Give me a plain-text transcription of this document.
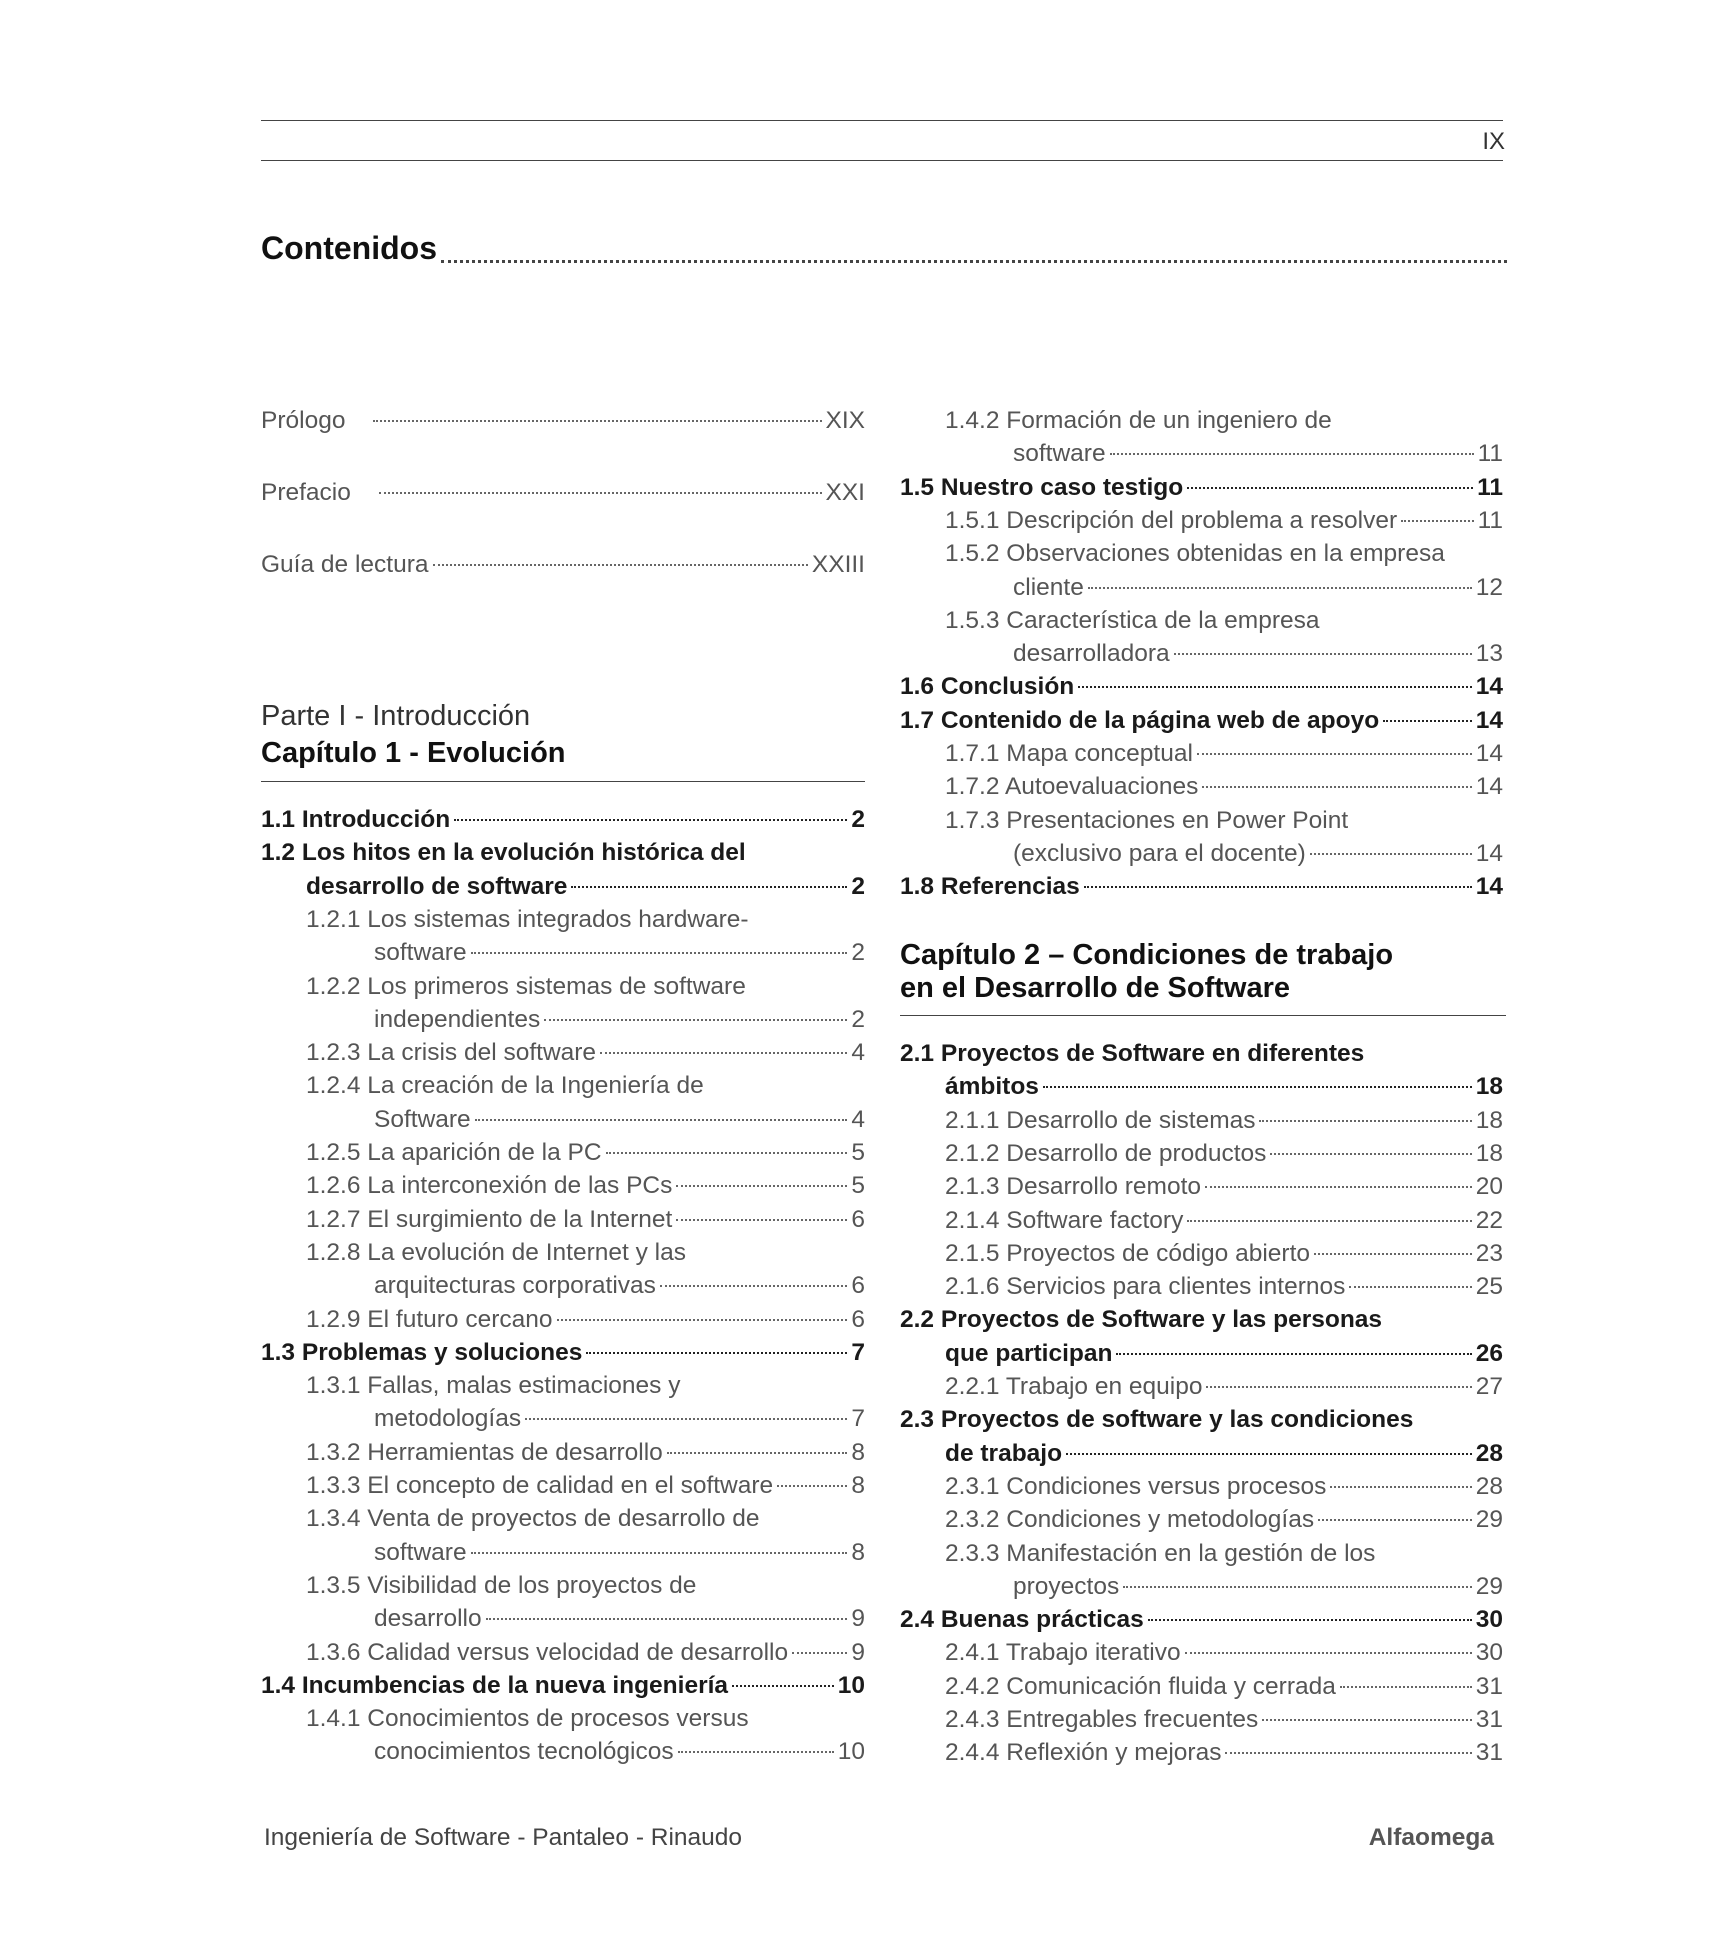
IX
Contenidos
Prólogo	XIX
Prefacio	XXI
Guía de lectura	XXIII
Parte I - Introducción
Capítulo 1 - Evolución
1.1 Introducción	2
1.2 Los hitos en la evolución histórica del
desarrollo de software	2
1.2.1 Los sistemas integrados hardware-
software	2
1.2.2 Los primeros sistemas de software
independientes	2
1.2.3 La crisis del software	4
1.2.4 La creación de la Ingeniería de
Software	4
1.2.5 La aparición de la PC	5
1.2.6 La interconexión de las PCs	5
1.2.7 El surgimiento de la Internet	6
1.2.8 La evolución de Internet y las
arquitecturas corporativas	6
1.2.9 El futuro cercano	6
1.3 Problemas y soluciones	7
1.3.1 Fallas, malas estimaciones y
metodologías	7
1.3.2 Herramientas de desarrollo	8
1.3.3 El concepto de calidad en el software	8
1.3.4 Venta de proyectos de desarrollo de
software	8
1.3.5 Visibilidad de los proyectos de
desarrollo	9
1.3.6 Calidad versus velocidad de desarrollo	9
1.4 Incumbencias de la nueva ingeniería	10
1.4.1 Conocimientos de procesos versus
conocimientos tecnológicos	10
1.4.2 Formación de un ingeniero de
software	11
1.5 Nuestro caso testigo	11
1.5.1 Descripción del problema a resolver	11
1.5.2 Observaciones obtenidas en la empresa
cliente	12
1.5.3 Característica de la empresa
desarrolladora	13
1.6 Conclusión	14
1.7 Contenido de la página web de apoyo	14
1.7.1 Mapa conceptual	14
1.7.2 Autoevaluaciones	14
1.7.3 Presentaciones en Power Point
(exclusivo para el docente)	14
1.8 Referencias	14
Capítulo 2 – Condiciones de trabajo
en el Desarrollo de Software
2.1 Proyectos de Software en diferentes
ámbitos	18
2.1.1 Desarrollo de sistemas	18
2.1.2 Desarrollo de productos	18
2.1.3 Desarrollo remoto	20
2.1.4 Software factory	22
2.1.5 Proyectos de código abierto	23
2.1.6 Servicios para clientes internos	25
2.2 Proyectos de Software y las personas
que participan	26
2.2.1 Trabajo en equipo	27
2.3 Proyectos de software y las condiciones
de trabajo	28
2.3.1 Condiciones versus procesos	28
2.3.2 Condiciones y metodologías	29
2.3.3 Manifestación en la gestión de los
proyectos	29
2.4 Buenas prácticas	30
2.4.1 Trabajo iterativo	30
2.4.2 Comunicación fluida y cerrada	31
2.4.3 Entregables frecuentes	31
2.4.4 Reflexión y mejoras	31
Ingeniería de Software - Pantaleo - Rinaudo	Alfaomega
